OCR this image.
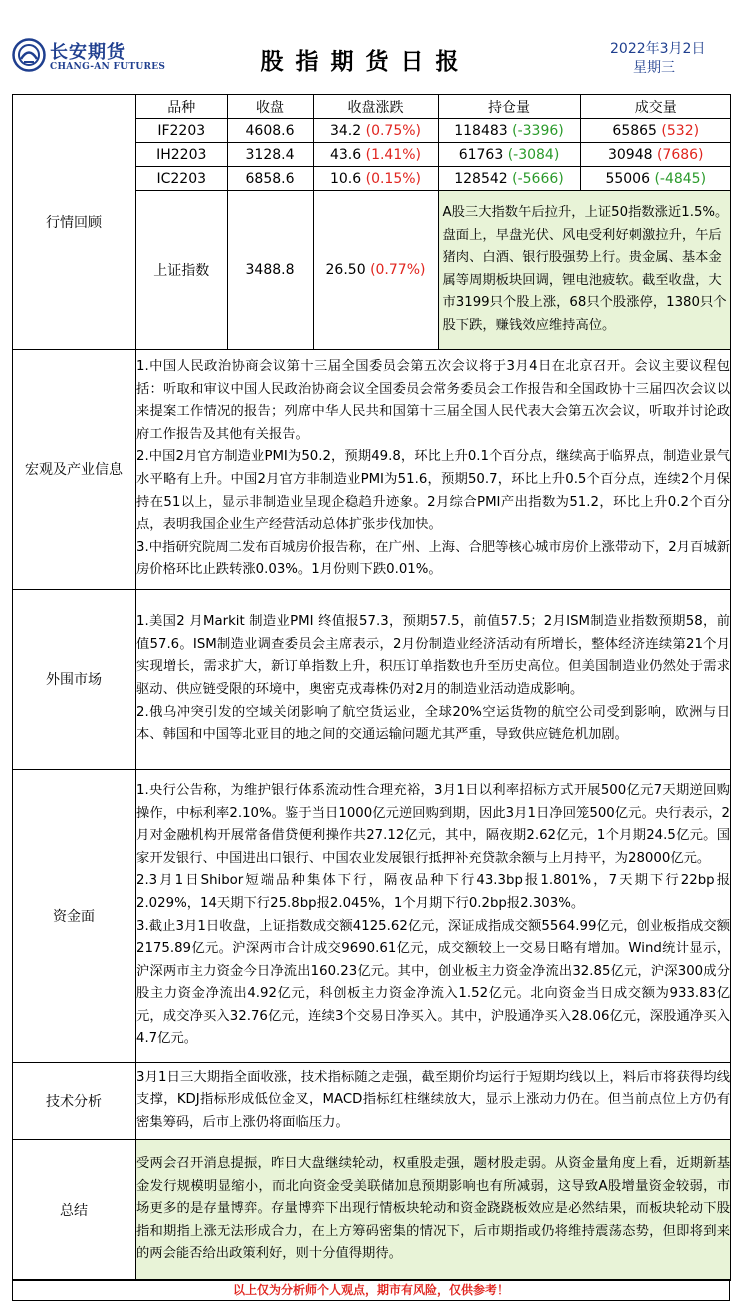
长安期货
CHANG-AN FUTURES	股指期货日报	2022年3月2日
星期三
行情回顾	
品种	收盘	收盘涨跌	持仓量	成交量
IF2203	4608.6	34.2 (0.75%)	118483 (-3396)	65865 (532)
IH2203	3128.4	43.6 (1.41%)	61763 (-3084)	30948 (7686)
IC2203	6858.6	10.6 (0.15%)	128542 (-5666)	55006 (-4845)
上证指数	3488.8	26.50 (0.77%)	A股三大指数午后拉升，上证50指数涨近1.5%。盘面上，早盘光伏、风电受利好刺激拉升，午后猪肉、白酒、银行股强势上行。贵金属、基本金属等周期板块回调，锂电池疲软。截至收盘，大市3199只个股上涨，68只个股涨停，1380只个股下跌，赚钱效应维持高位。

宏观及产业信息	
1.中国人民政治协商会议第十三届全国委员会第五次会议将于3月4日在北京召开。会议主要议程包括：听取和审议中国人民政治协商会议全国委员会常务委员会工作报告和全国政协十三届四次会议以来提案工作情况的报告；列席中华人民共和国第十三届全国人民代表大会第五次会议，听取并讨论政府工作报告及其他有关报告。
2.中国2月官方制造业PMI为50.2，预期49.8，环比上升0.1个百分点，继续高于临界点，制造业景气水平略有上升。中国2月官方非制造业PMI为51.6，预期50.7，环比上升0.5个百分点，连续2个月保持在51以上，显示非制造业呈现企稳趋升迹象。2月综合PMI产出指数为51.2，环比上升0.2个百分点，表明我国企业生产经营活动总体扩张步伐加快。
3.中指研究院周二发布百城房价报告称，在广州、上海、合肥等核心城市房价上涨带动下，2月百城新房价格环比止跌转涨0.03%。1月份则下跌0.01%。

外围市场	
1.美国2 月Markit 制造业PMI 终值报57.3，预期57.5，前值57.5；2月ISM制造业指数预期58，前值57.6。ISM制造业调查委员会主席表示，2月份制造业经济活动有所增长，整体经济连续第21个月实现增长，需求扩大，新订单指数上升，积压订单指数也升至历史高位。但美国制造业仍然处于需求驱动、供应链受限的环境中，奥密克戎毒株仍对2月的制造业活动造成影响。
2.俄乌冲突引发的空域关闭影响了航空货运业，全球20%空运货物的航空公司受到影响，欧洲与日本、韩国和中国等北亚目的地之间的交通运输问题尤其严重，导致供应链危机加剧。

资金面	
1.央行公告称，为维护银行体系流动性合理充裕，3月1日以利率招标方式开展500亿元7天期逆回购操作，中标利率2.10%。鉴于当日1000亿元逆回购到期，因此3月1日净回笼500亿元。央行表示，2月对金融机构开展常备借贷便利操作共27.12亿元，其中，隔夜期2.62亿元，1个月期24.5亿元。国家开发银行、中国进出口银行、中国农业发展银行抵押补充贷款余额与上月持平，为28000亿元。
2.3月1日Shibor短端品种集体下行，隔夜品种下行43.3bp报1.801%，7天期下行22bp报2.029%，14天期下行25.8bp报2.045%，1个月期下行0.2bp报2.303%。
3.截止3月1日收盘，上证指数成交额4125.62亿元，深证成指成交额5564.99亿元，创业板指成交额2175.89亿元。沪深两市合计成交9690.61亿元，成交额较上一交易日略有增加。Wind统计显示，沪深两市主力资金今日净流出160.23亿元。其中，创业板主力资金净流出32.85亿元，沪深300成分股主力资金净流出4.92亿元，科创板主力资金净流入1.52亿元。北向资金当日成交额为933.83亿元，成交净买入32.76亿元，连续3个交易日净买入。其中，沪股通净买入28.06亿元，深股通净买入4.7亿元。

技术分析	
3月1日三大期指全面收涨，技术指标随之走强，截至期价均运行于短期均线以上，料后市将获得均线支撑，KDJ指标形成低位金叉，MACD指标红柱继续放大，显示上涨动力仍在。但当前点位上方仍有密集筹码，后市上涨仍将面临压力。

总结	
受两会召开消息提振，昨日大盘继续轮动，权重股走强，题材股走弱。从资金量角度上看，近期新基金发行规模明显缩小，而北向资金受美联储加息预期影响也有所减弱，这导致A股增量资金较弱，市场更多的是存量博弈。存量博弈下出现行情板块轮动和资金跷跷板效应是必然结果，而板块轮动下股指和期指上涨无法形成合力，在上方筹码密集的情况下，后市期指或仍将维持震荡态势，但即将到来的两会能否给出政策利好，则十分值得期待。
以上仅为分析师个人观点，期市有风险，仅供参考！
